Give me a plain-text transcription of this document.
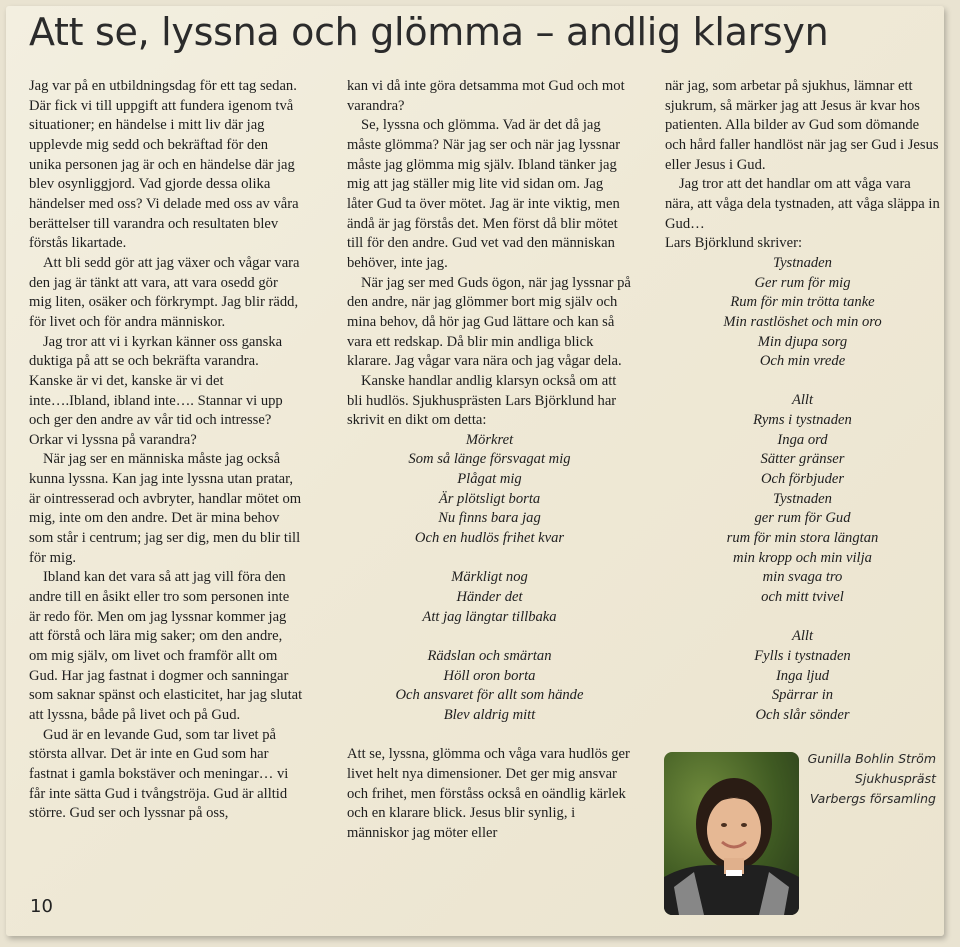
Att se, lyssna och glömma – andlig klarsyn

Jag var på en utbildningsdag för ett tag sedan. Där fick vi till uppgift att fundera igenom två situationer; en händelse i mitt liv där jag upplevde mig sedd och bekräftad för den unika personen jag är och en händelse där jag blev osynliggjord. Vad gjorde dessa olika händelser med oss? Vi delade med oss av våra berättelser till varandra och resultaten blev förstås likartade.

Att bli sedd gör att jag växer och vågar vara den jag är tänkt att vara, att vara osedd gör mig liten, osäker och förkrympt. Jag blir rädd, för livet och för andra människor.

Jag tror att vi i kyrkan känner oss ganska duktiga på att se och bekräfta varandra. Kanske är vi det, kanske är vi det inte….Ibland, ibland inte…. Stannar vi upp och ger den andre av vår tid och intresse? Orkar vi lyssna på varandra?

När jag ser en människa måste jag också kunna lyssna. Kan jag inte lyssna utan pratar, är ointresserad och avbryter, handlar mötet om mig, inte om den andre. Det är mina behov som står i centrum; jag ser dig, men du blir till för mig.

Ibland kan det vara så att jag vill föra den andre till en åsikt eller tro som personen inte är redo för. Men om jag lyssnar kommer jag att förstå och lära mig saker; om den andre, om mig själv, om livet och framför allt om Gud. Har jag fastnat i dogmer och sanningar som saknar spänst och elasticitet, har jag slutat att lyssna, både på livet och på Gud.

Gud är en levande Gud, som tar livet på största allvar. Det är inte en Gud som har fastnat i gamla bokstäver och meningar… vi får inte sätta Gud i tvångströja. Gud är alltid större. Gud ser och lyssnar på oss,

kan vi då inte göra detsamma mot Gud och mot varandra?

Se, lyssna och glömma. Vad är det då jag måste glömma? När jag ser och när jag lyssnar måste jag glömma mig själv. Ibland tänker jag mig att jag ställer mig lite vid sidan om. Jag låter Gud ta över mötet. Jag är inte viktig, men ändå är jag förstås det. Men först då blir mötet till för den andre. Gud vet vad den människan behöver, inte jag.

När jag ser med Guds ögon, när jag lyssnar på den andre, när jag glömmer bort mig själv och mina behov, då hör jag Gud lättare och kan så vara ett redskap. Då blir min andliga blick klarare. Jag vågar vara nära och jag vågar dela.

Kanske handlar andlig klarsyn också om att bli hudlös. Sjukhusprästen Lars Björklund har skrivit en dikt om detta:

Mörkret
Som så länge försvagat mig
Plågat mig
Är plötsligt borta
Nu finns bara jag
Och en hudlös frihet kvar
Märkligt nog
Händer det
Att jag längtar tillbaka
Rädslan och smärtan
Höll oron borta
Och ansvaret för allt som hände
Blev aldrig mitt

Att se, lyssna, glömma och våga vara hudlös ger livet helt nya dimensioner. Det ger mig ansvar och frihet, men förståss också en oändlig kärlek och en klarare blick. Jesus blir synlig, i människor jag möter eller

när jag, som arbetar på sjukhus, lämnar ett sjukrum, så märker jag att Jesus är kvar hos patienten. Alla bilder av Gud som dömande och hård faller handlöst när jag ser Gud i Jesus eller Jesus i Gud.

Jag tror att det handlar om att våga vara nära, att våga dela tystnaden, att våga släppa in Gud…

Lars Björklund skriver:

Tystnaden
Ger rum för mig
Rum för min trötta tanke
Min rastlöshet och min oro
Min djupa sorg
Och min vrede
Allt
Ryms i tystnaden
Inga ord
Sätter gränser
Och förbjuder
Tystnaden
ger rum för Gud
rum för min stora längtan
min kropp och min vilja
min svaga tro
och mitt tvivel
Allt
Fylls i tystnaden
Inga ljud
Spärrar in
Och slår sönder
Gunilla Bohlin Ström
Sjukhuspräst
Varbergs församling
10
